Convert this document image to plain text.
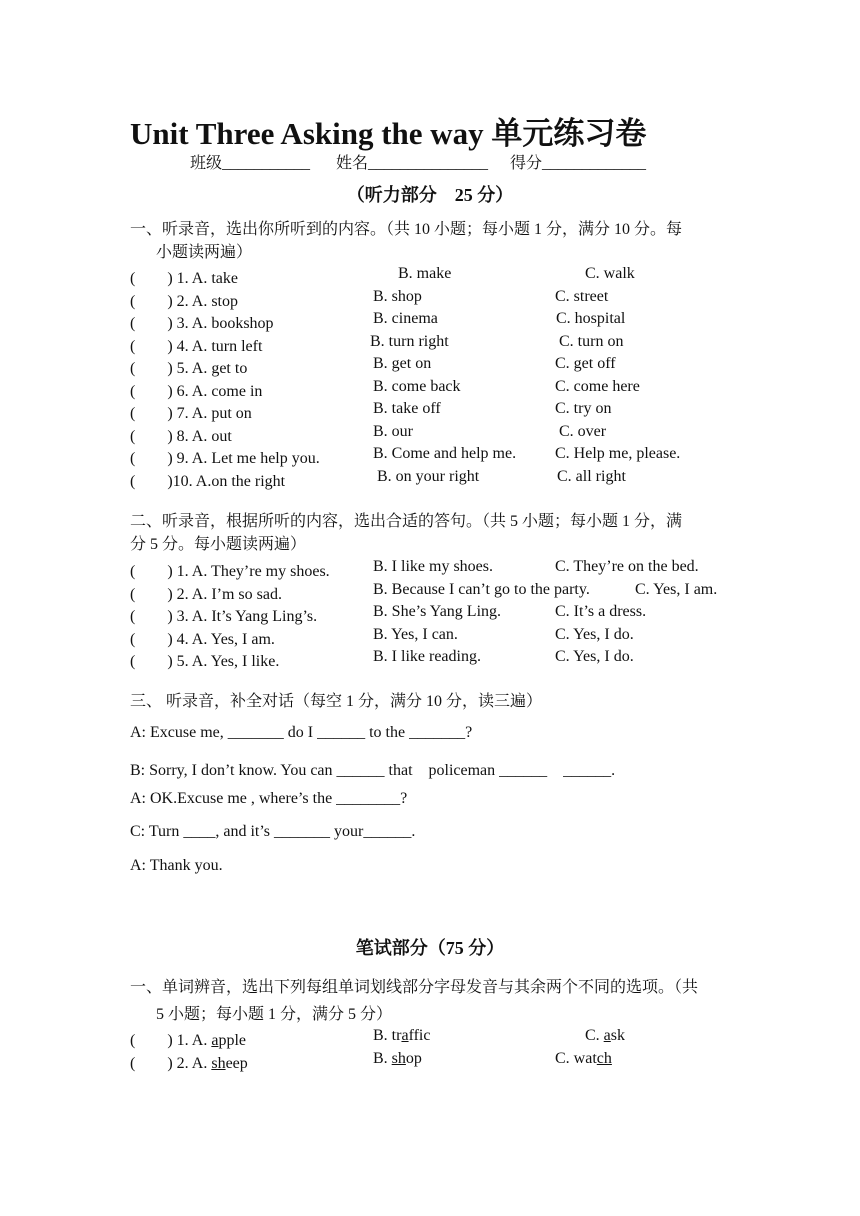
Unit Three Asking the way 单元练习卷
班级___________ 姓名_______________ 得分_____________
（听力部分　25 分）
一、听录音，选出你所听到的内容。（共 10 小题；每小题 1 分，满分 10 分。每
小题读两遍）
(　　) 1. A. take	B. make	C. walk
(　　) 2. A. stop	B. shop	C. street
(　　) 3. A. bookshop	B. cinema	C. hospital
(　　) 4. A. turn left	B. turn right	C. turn on
(　　) 5. A. get to	B. get on	C. get off
(　　) 6. A. come in	B. come back	C. come here
(　　) 7. A. put on	B. take off	C. try on
(　　) 8. A. out	B. our	C. over
(　　) 9. A. Let me help you.	B. Come and help me. C. Help me, please.
(　　)10. A.on the right	B. on your right	C. all right
二、听录音，根据所听的内容，选出合适的答句。（共 5 小题；每小题 1 分，满
分 5 分。每小题读两遍）
(　　) 1. A. They’re my shoes.	B. I like my shoes.	C. They’re on the bed.
(　　) 2. A. I’m so sad.	B. Because I can’t go to the party.	C. Yes, I am.
(　　) 3. A. It’s Yang Ling’s.	B. She’s Yang Ling.	C. It’s a dress.
(　　) 4. A. Yes, I am.	B. Yes, I can.	C. Yes, I do.
(　　) 5. A. Yes, I like.	B. I like reading.	C. Yes, I do.
三、 听录音，补全对话（每空 1 分，满分 10 分，读三遍）
A: Excuse me, _______ do I ______ to the _______?
B: Sorry, I don’t know. You can ______ that　policeman ______　______.
A: OK.Excuse me , where’s the ________?
C: Turn ____, and it’s _______ your______.
A: Thank you.
笔试部分（75 分）
一、单词辨音，选出下列每组单词划线部分字母发音与其余两个不同的选项。（共
5 小题；每小题 1 分，满分 5 分）
(　　) 1. A. apple	B. traffic	C. ask
(　　) 2. A. sheep	B. shop	C. watch
